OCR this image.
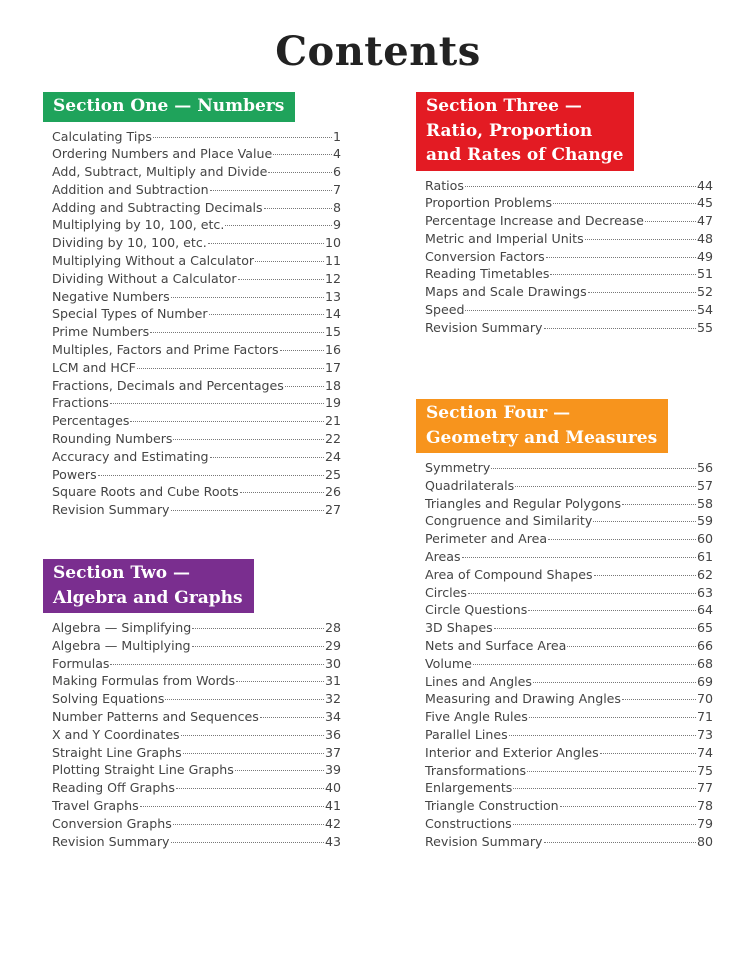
Contents
Section One — Numbers
Calculating Tips	1
Ordering Numbers and Place Value	4
Add, Subtract, Multiply and Divide	6
Addition and Subtraction	7
Adding and Subtracting Decimals	8
Multiplying by 10, 100, etc.	9
Dividing by 10, 100, etc.	10
Multiplying Without a Calculator	11
Dividing Without a Calculator	12
Negative Numbers	13
Special Types of Number	14
Prime Numbers	15
Multiples, Factors and Prime Factors	16
LCM and HCF	17
Fractions, Decimals and Percentages	18
Fractions	19
Percentages	21
Rounding Numbers	22
Accuracy and Estimating	24
Powers	25
Square Roots and Cube Roots	26
Revision Summary	27
Section Two —
Algebra and Graphs
Algebra — Simplifying	28
Algebra — Multiplying	29
Formulas	30
Making Formulas from Words	31
Solving Equations	32
Number Patterns and Sequences	34
X and Y Coordinates	36
Straight Line Graphs	37
Plotting Straight Line Graphs	39
Reading Off Graphs	40
Travel Graphs	41
Conversion Graphs	42
Revision Summary	43
Section Three —
Ratio, Proportion
and Rates of Change
Ratios	44
Proportion Problems	45
Percentage Increase and Decrease	47
Metric and Imperial Units	48
Conversion Factors	49
Reading Timetables	51
Maps and Scale Drawings	52
Speed	54
Revision Summary	55
Section Four —
Geometry and Measures
Symmetry	56
Quadrilaterals	57
Triangles and Regular Polygons	58
Congruence and Similarity	59
Perimeter and Area	60
Areas	61
Area of Compound Shapes	62
Circles	63
Circle Questions	64
3D Shapes	65
Nets and Surface Area	66
Volume	68
Lines and Angles	69
Measuring and Drawing Angles	70
Five Angle Rules	71
Parallel Lines	73
Interior and Exterior Angles	74
Transformations	75
Enlargements	77
Triangle Construction	78
Constructions	79
Revision Summary	80
